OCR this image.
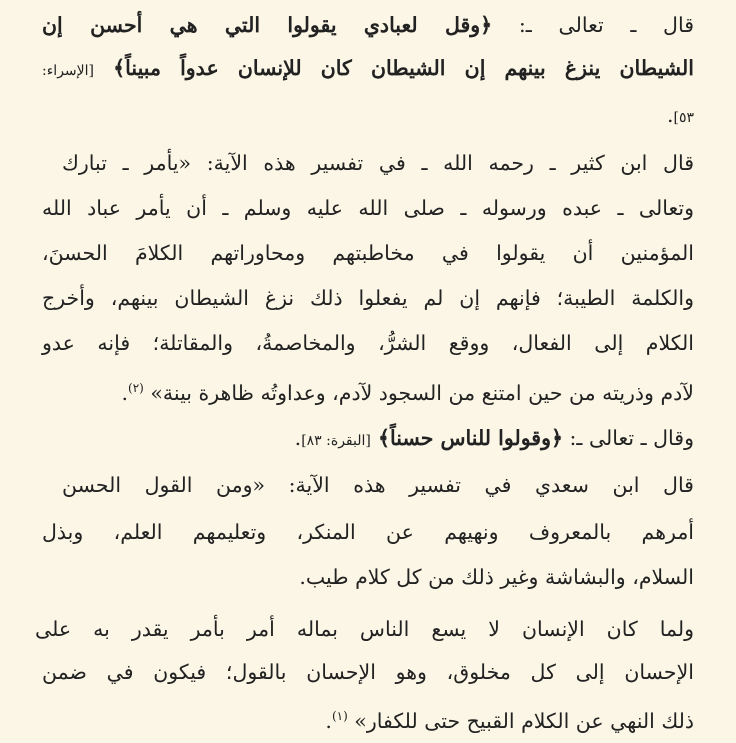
قال ـ تعالى ـ: ﴿وقل لعبادي يقولوا التي هي أحسن إن
الشيطان ينزغ بينهم إن الشيطان كان للإنسان عدواً مبيناً﴾ [الإسراء:
٥٣].
قال ابن كثير ـ رحمه الله ـ في تفسير هذه الآية: «يأمر ـ تبارك
وتعالى ـ عبده ورسوله ـ صلى الله عليه وسلم ـ أن يأمر عباد الله
المؤمنين أن يقولوا في مخاطبتهم ومحاوراتهم الكلامَ الحسنَ،
والكلمة الطيبة؛ فإنهم إن لم يفعلوا ذلك نزغ الشيطان بينهم، وأخرج
الكلام إلى الفعال، ووقع الشرُّ، والمخاصمةُ، والمقاتلة؛ فإنه عدو
لآدم وذريته من حين امتنع من السجود لآدم، وعداوتُه ظاهرة بينة» $^{(٢)}$.
وقال ـ تعالى ـ: ﴿وقولوا للناس حسناً﴾ [البقرة: ٨٣].
قال ابن سعدي في تفسير هذه الآية: «ومن القول الحسن
أمرهم بالمعروف ونهيهم عن المنكر، وتعليمهم العلم، وبذل
السلام، والبشاشة وغير ذلك من كل كلام طيب.
ولما كان الإنسان لا يسع الناس بماله أمر بأمر يقدر به على
الإحسان إلى كل مخلوق، وهو الإحسان بالقول؛ فيكون في ضمن
ذلك النهي عن الكلام القبيح حتى للكفار» $^{(١)}$.
